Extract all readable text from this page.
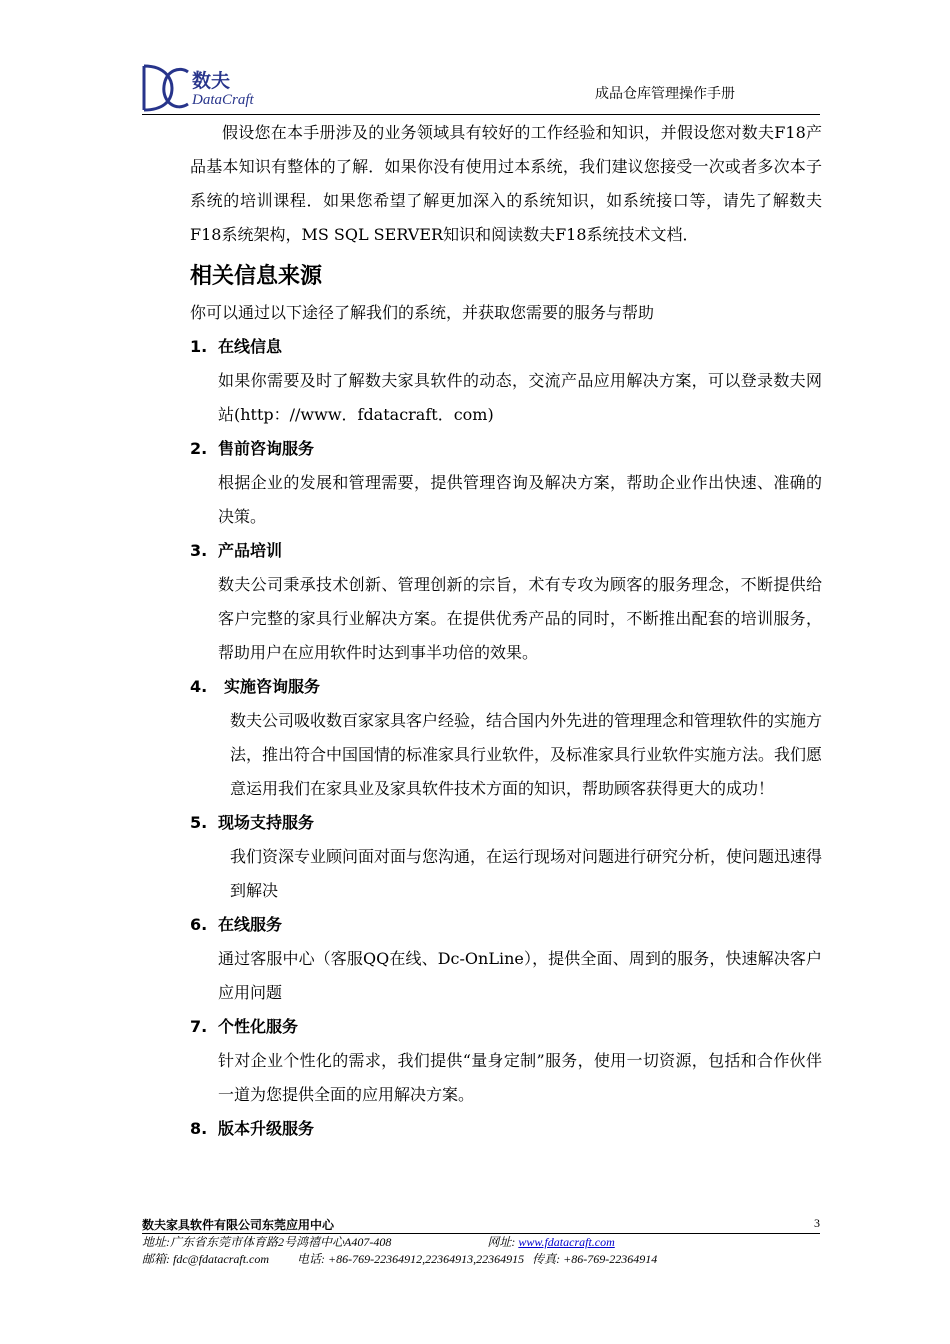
数夫
DataCraft	成品仓库管理操作手册

假设您在本手册涉及的业务领域具有较好的工作经验和知识，并假设您对数夫F18产品基本知识有整体的了解．如果你没有使用过本系统，我们建议您接受一次或者多次本子系统的培训课程．如果您希望了解更加深入的系统知识，如系统接口等，请先了解数夫F18系统架构，MS SQL SERVER知识和阅读数夫F18系统技术文档．

相关信息来源

你可以通过以下途径了解我们的系统，并获取您需要的服务与帮助

1. 在线信息

如果你需要及时了解数夫家具软件的动态，交流产品应用解决方案，可以登录数夫网站(http：//www．fdatacraft．com)

2. 售前咨询服务

根据企业的发展和管理需要，提供管理咨询及解决方案，帮助企业作出快速、准确的决策。

3. 产品培训

数夫公司秉承技术创新、管理创新的宗旨，术有专攻为顾客的服务理念，不断提供给客户完整的家具行业解决方案。在提供优秀产品的同时，不断推出配套的培训服务，帮助用户在应用软件时达到事半功倍的效果。

4. 实施咨询服务

数夫公司吸收数百家家具客户经验，结合国内外先进的管理理念和管理软件的实施方法，推出符合中国国情的标准家具行业软件，及标准家具行业软件实施方法。我们愿意运用我们在家具业及家具软件技术方面的知识，帮助顾客获得更大的成功！

5. 现场支持服务

我们资深专业顾问面对面与您沟通，在运行现场对问题进行研究分析，使问题迅速得到解决

6. 在线服务

通过客服中心（客服QQ在线、Dc-OnLine），提供全面、周到的服务，快速解决客户应用问题

7. 个性化服务

针对企业个性化的需求，我们提供“量身定制”服务，使用一切资源，包括和合作伙伴一道为您提供全面的应用解决方案。

8. 版本升级服务
数夫家具软件有限公司东莞应用中心	3
地址:广东省东莞市体育路2号鸿禧中心A407-408	网址: www.fdatacraft.com
邮箱: fdc@fdatacraft.com 电话: +86-769-22364912,22364913,22364915 传真: +86-769-22364914
